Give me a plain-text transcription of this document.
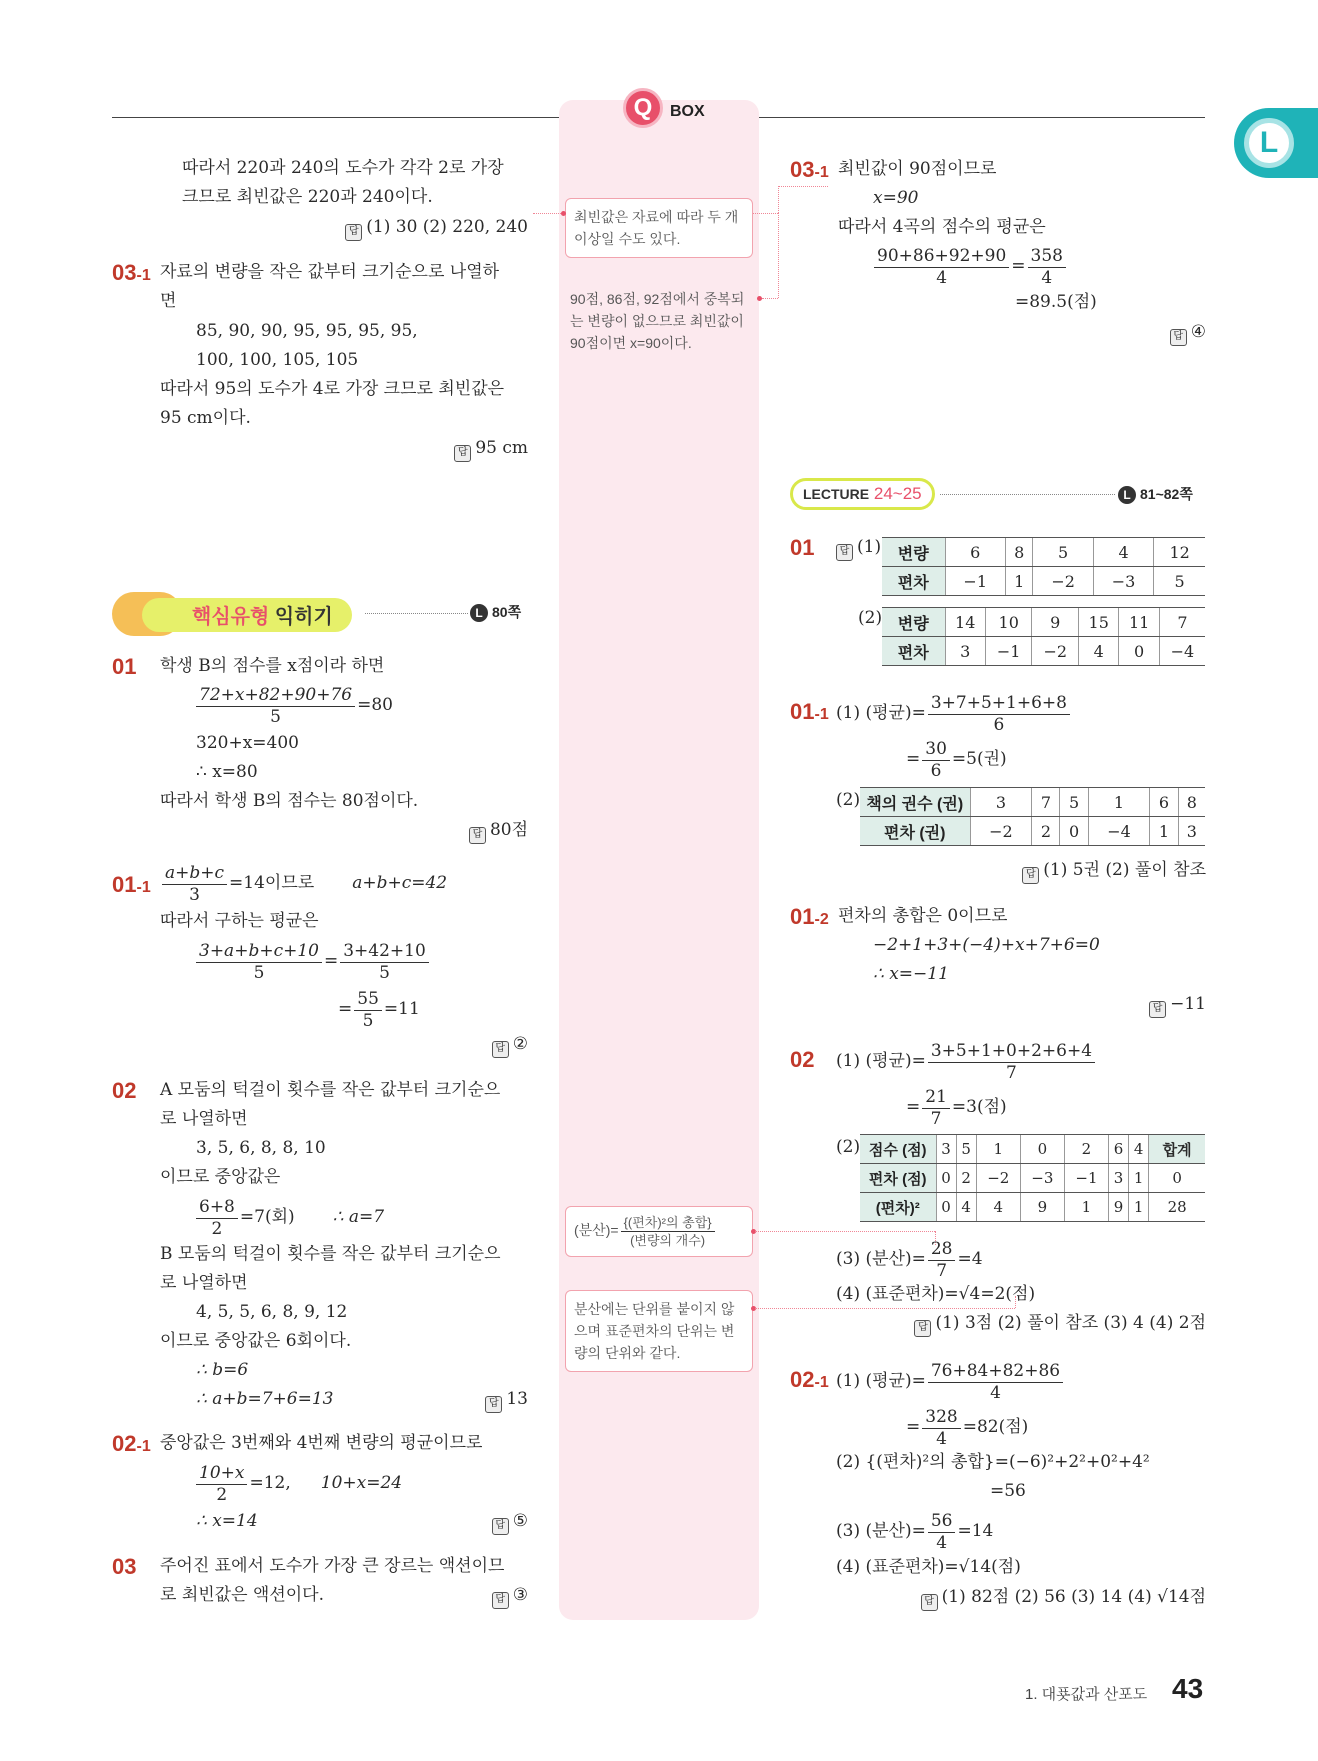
Q	BOX
L
따라서 220과 240의 도수가 각각 2로 가장
크므로 최빈값은 220과 240이다.
답 (1) 30 (2) 220, 240
03-1 자료의 변량을 작은 값부터 크기순으로 나열하
면
85, 90, 90, 95, 95, 95, 95,
100, 100, 105, 105
따라서 95의 도수가 4로 가장 크므로 최빈값은
95 cm이다.
답 95 cm
핵심유형 익히기	L 80쪽
01 학생 B의 점수를 x점이라 하면
$\frac{72+x+82+90+76}{5} =80$
320+x=400
∴ x=80
따라서 학생 B의 점수는 80점이다.
답 80점
$01-1 \frac{a+b+c}{3} =14$이므로 a+b+c=42
따라서 구하는 평균은
$\frac{3+a+b+c+10}{5} = \frac{3+42+10}{5}$
= $\frac{55}{5} =11$
답 ②
02 A 모둠의 턱걸이 횟수를 작은 값부터 크기순으
로 나열하면
3, 5, 6, 8, 8, 10
이므로 중앙값은
$\frac{6+8}{2} =7$(회) ∴ a=7
B 모둠의 턱걸이 횟수를 작은 값부터 크기순으
로 나열하면
4, 5, 5, 6, 8, 9, 12
이므로 중앙값은 6회이다.
∴ b=6
∴ a+b=7+6=13	답 13
02-1 중앙값은 3번째와 4번째 변량의 평균이므로
$\frac{10+x}{2} =12$, 10+x=24
∴ x=14	답 ⑤
03 주어진 표에서 도수가 가장 큰 장르는 액션이므
로 최빈값은 액션이다.	답 ③
최빈값은 자료에 따라 두 개 이상일 수도 있다.
90점, 86점, 92점에서 중복되는 변량이 없으므로 최빈값이 90점이면 x=90이다.
(분산)= $\frac{\text{\{(편차)²의 총합\}}}{\text{(변량의 개수)}}$
분산에는 단위를 붙이지 않으며 표준편차의 단위는 변량의 단위와 같다.
03-1 최빈값이 90점이므로
x=90
따라서 4곡의 점수의 평균은
$\frac{90+86+92+90}{4} = \frac{358}{4}$
=89.5(점)
답 ④
LECTURE 24~25	L 81~82쪽
01	답 (1) 변량	6	8	5	4	12
편차	−1	1	−2	−3	5
(2) 변량	14	10	9	15	11	7
편차	3	−1	−2	4	0	−4
01-1 (1) (평균)= $\frac{3+7+5+1+6+8}{6}$
= $\frac{30}{6} =5$(권)
(2) 책의 권수 (권)	3	7	5	1	6	8
편차 (권)	−2	2	0	−4	1	3
답 (1) 5권 (2) 풀이 참조
01-2 편차의 총합은 0이므로
−2+1+3+(−4)+x+7+6=0
∴ x=−11
답 −11
02 (1) (평균)= $\frac{3+5+1+0+2+6+4}{7}$
= $\frac{21}{7} =3$(점)
(2) 점수 (점)	3	5	1	0	2	6	4	합계
편차 (점)	0	2	−2	−3	−1	3	1	0
(편차)²	0	4	4	9	1	9	1	28
(3) (분산)= $\frac{28}{7} =4$
(4) (표준편차)=√4=2(점)
답 (1) 3점 (2) 풀이 참조 (3) 4 (4) 2점
02-1 (1) (평균)= $\frac{76+84+82+86}{4}$
= $\frac{328}{4} =82$(점)
(2) {(편차)²의 총합}=(−6)²+2²+0²+4²
=56
(3) (분산)= $\frac{56}{4} =14$
(4) (표준편차)=√14(점)
답 (1) 82점 (2) 56 (3) 14 (4) √14점
1. 대푯값과 산포도 43
